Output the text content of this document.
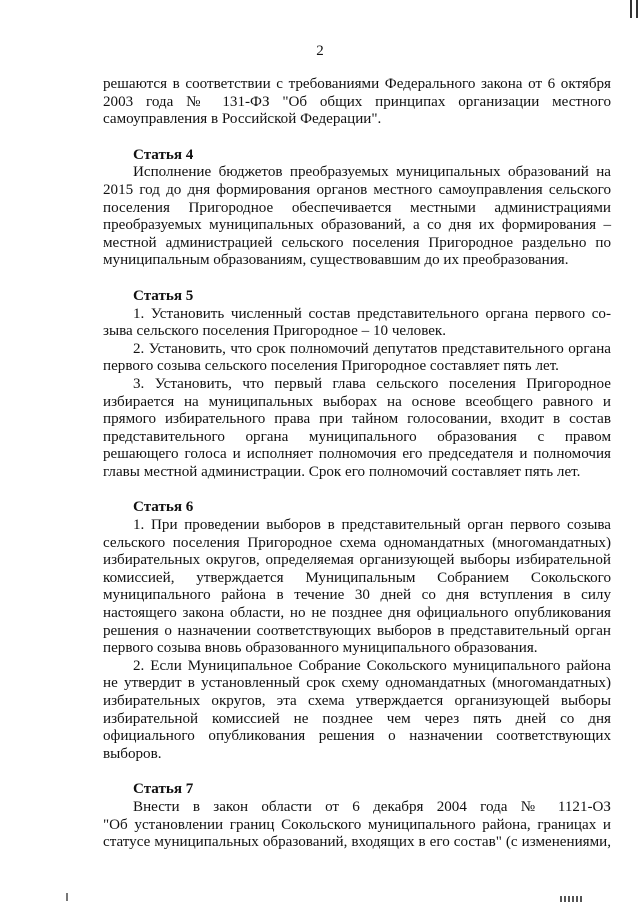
2
решаются в соответствии с требованиями Федерального закона от 6 октября
2003 года № 131-ФЗ "Об общих принципах организации местного
самоуправления в Российской Федерации".
Статья 4
Исполнение бюджетов преобразуемых муниципальных образований на
2015 год до дня формирования органов местного самоуправления сельского
поселения Пригородное обеспечивается местными администрациями
преобразуемых муниципальных образований, а со дня их формирования –
местной администрацией сельского поселения Пригородное раздельно по
муниципальным образованиям, существовавшим до их преобразования.
Статья 5
1. Установить численный состав представительного органа первого со-
зыва сельского поселения Пригородное – 10 человек.
2. Установить, что срок полномочий депутатов представительного органа
первого созыва сельского поселения Пригородное составляет пять лет.
3. Установить, что первый глава сельского поселения Пригородное
избирается на муниципальных выборах на основе всеобщего равного и
прямого избирательного права при тайном голосовании, входит в состав
представительного органа муниципального образования с правом
решающего голоса и исполняет полномочия его председателя и полномочия
главы местной администрации. Срок его полномочий составляет пять лет.
Статья 6
1. При проведении выборов в представительный орган первого созыва
сельского поселения Пригородное схема одномандатных (многомандатных)
избирательных округов, определяемая организующей выборы избирательной
комиссией, утверждается Муниципальным Собранием Сокольского
муниципального района в течение 30 дней со дня вступления в силу
настоящего закона области, но не позднее дня официального опубликования
решения о назначении соответствующих выборов в представительный орган
первого созыва вновь образованного муниципального образования.
2. Если Муниципальное Собрание Сокольского муниципального района
не утвердит в установленный срок схему одномандатных (многомандатных)
избирательных округов, эта схема утверждается организующей выборы
избирательной комиссией не позднее чем через пять дней со дня
официального опубликования решения о назначении соответствующих
выборов.
Статья 7
Внести в закон области от 6 декабря 2004 года № 1121-ОЗ
"Об установлении границ Сокольского муниципального района, границах и
статусе муниципальных образований, входящих в его состав" (с изменениями,
